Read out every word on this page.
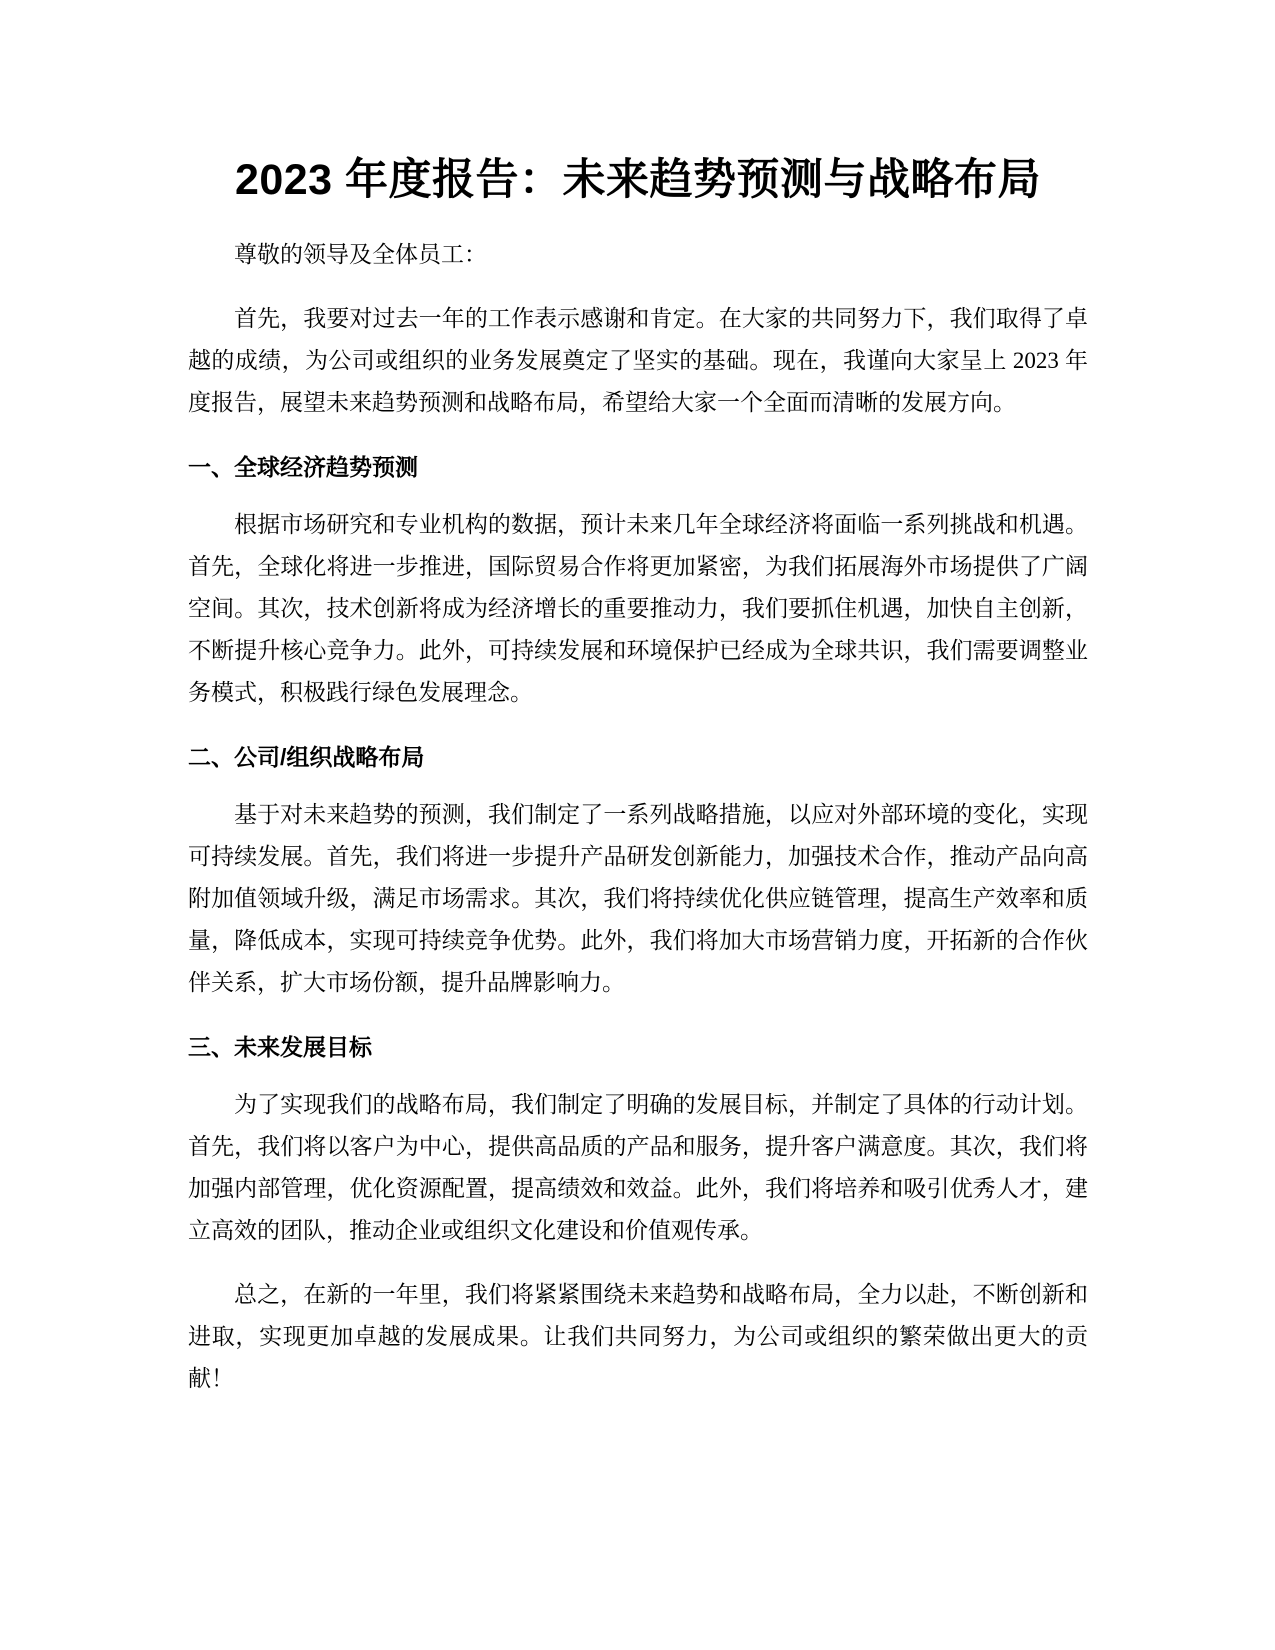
2023 年度报告：未来趋势预测与战略布局

尊敬的领导及全体员工：

首先，我要对过去一年的工作表示感谢和肯定。在大家的共同努力下，我们取得了卓越的成绩，为公司或组织的业务发展奠定了坚实的基础。现在，我谨向大家呈上 2023 年度报告，展望未来趋势预测和战略布局，希望给大家一个全面而清晰的发展方向。

一、全球经济趋势预测

根据市场研究和专业机构的数据，预计未来几年全球经济将面临一系列挑战和机遇。首先，全球化将进一步推进，国际贸易合作将更加紧密，为我们拓展海外市场提供了广阔空间。其次，技术创新将成为经济增长的重要推动力，我们要抓住机遇，加快自主创新，不断提升核心竞争力。此外，可持续发展和环境保护已经成为全球共识，我们需要调整业务模式，积极践行绿色发展理念。

二、公司/组织战略布局

基于对未来趋势的预测，我们制定了一系列战略措施，以应对外部环境的变化，实现可持续发展。首先，我们将进一步提升产品研发创新能力，加强技术合作，推动产品向高附加值领域升级，满足市场需求。其次，我们将持续优化供应链管理，提高生产效率和质量，降低成本，实现可持续竞争优势。此外，我们将加大市场营销力度，开拓新的合作伙伴关系，扩大市场份额，提升品牌影响力。

三、未来发展目标

为了实现我们的战略布局，我们制定了明确的发展目标，并制定了具体的行动计划。首先，我们将以客户为中心，提供高品质的产品和服务，提升客户满意度。其次，我们将加强内部管理，优化资源配置，提高绩效和效益。此外，我们将培养和吸引优秀人才，建立高效的团队，推动企业或组织文化建设和价值观传承。

总之，在新的一年里，我们将紧紧围绕未来趋势和战略布局，全力以赴，不断创新和进取，实现更加卓越的发展成果。让我们共同努力，为公司或组织的繁荣做出更大的贡献！
